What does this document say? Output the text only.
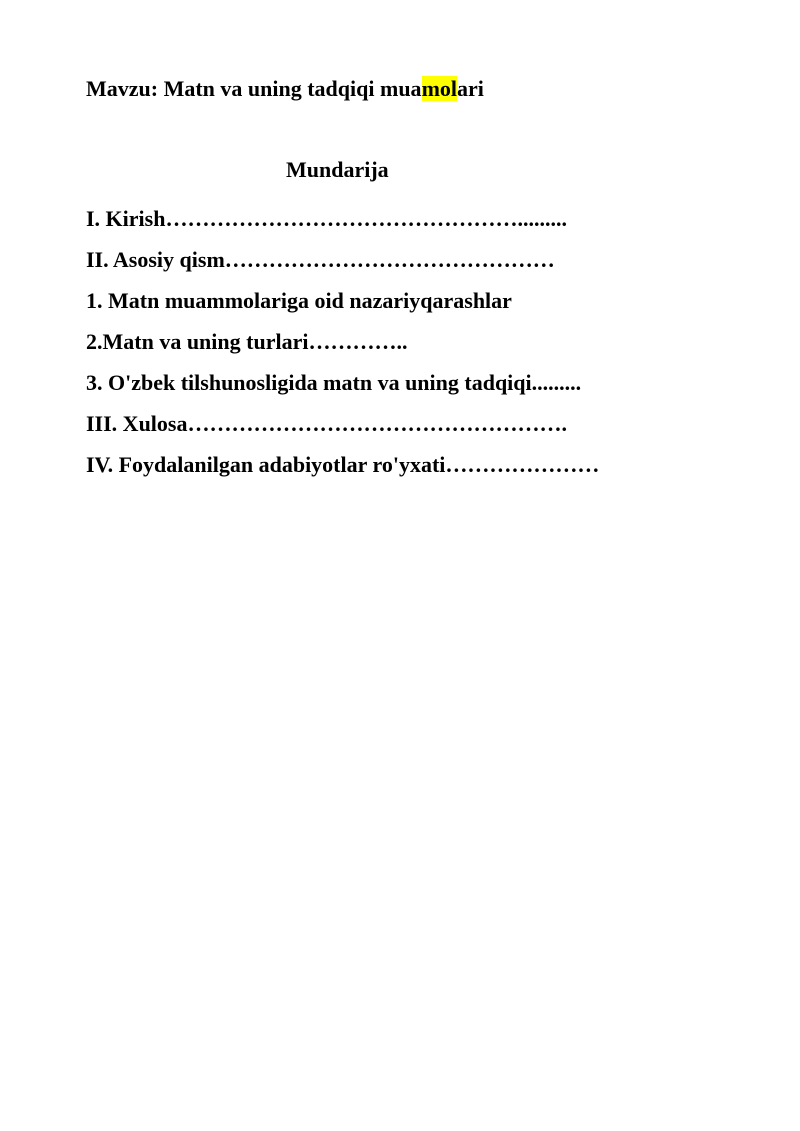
Mavzu: Matn va uning tadqiqi muamolari
Mundarija
I. Kirish………………………………………….........
II. Asosiy qism………………………………………
1. Matn muammolariga oid nazariyqarashlar
2.Matn va uning turlari…………..
3. O'zbek tilshunosligida matn va uning tadqiqi.........
III. Xulosa…………………………………………….
IV. Foydalanilgan adabiyotlar ro'yxati…………………
